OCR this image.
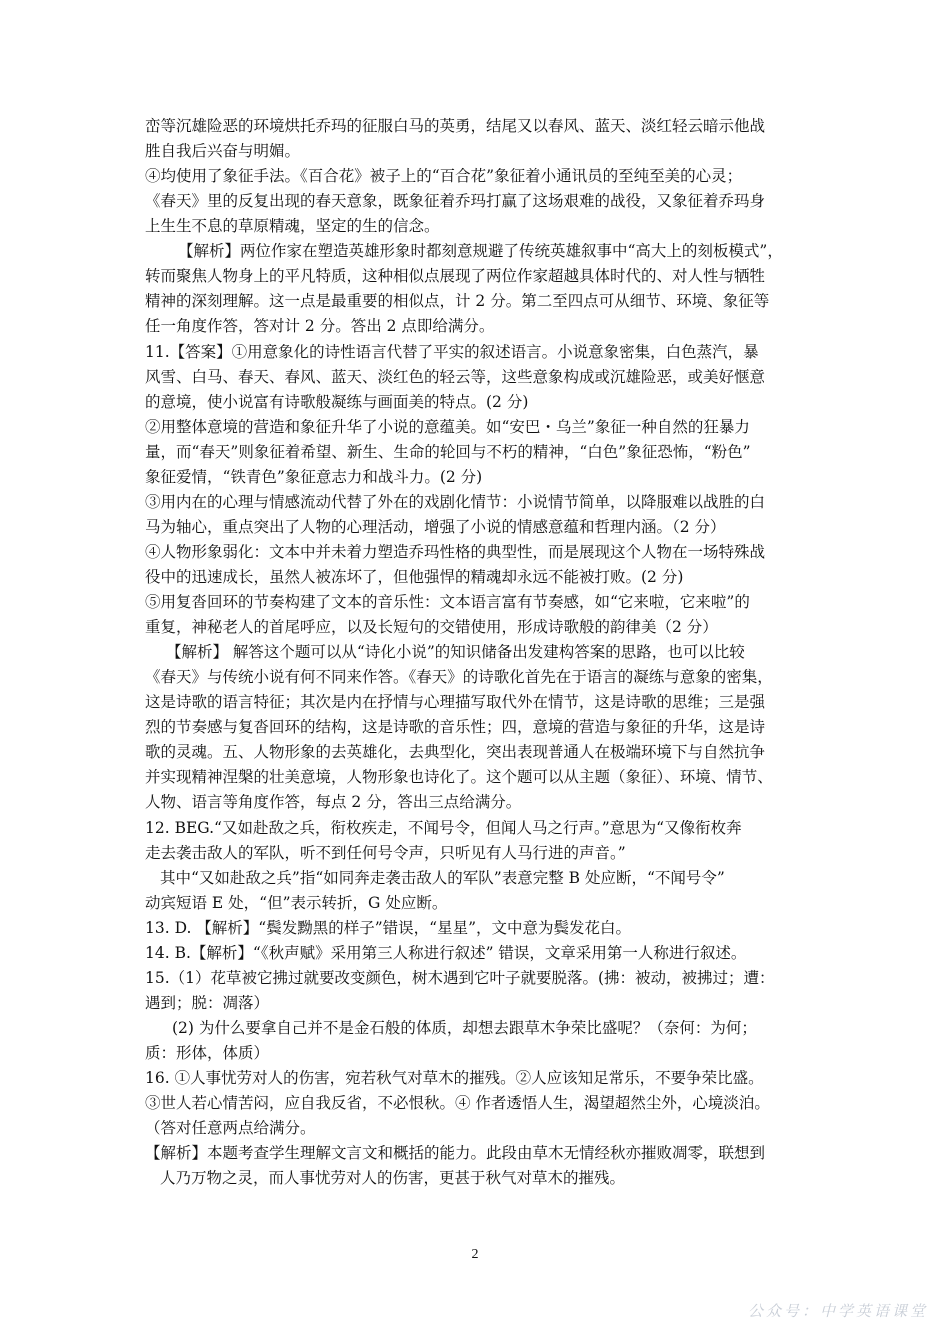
峦等沉雄险恶的环境烘托乔玛的征服白马的英勇，结尾又以春风、蓝天、淡红轻云暗示他战
胜自我后兴奋与明媚。
④均使用了象征手法。《百合花》被子上的“百合花”象征着小通讯员的至纯至美的心灵；
《春天》里的反复出现的春天意象，既象征着乔玛打赢了这场艰难的战役，又象征着乔玛身
上生生不息的草原精魂，坚定的生的信念。
【解析】两位作家在塑造英雄形象时都刻意规避了传统英雄叙事中“高大上的刻板模式”，
转而聚焦人物身上的平凡特质，这种相似点展现了两位作家超越具体时代的、对人性与牺牲
精神的深刻理解。这一点是最重要的相似点，计 2 分。第二至四点可从细节、环境、象征等
任一角度作答，答对计 2 分。答出 2 点即给满分。
11.【答案】①用意象化的诗性语言代替了平实的叙述语言。小说意象密集，白色蒸汽，暴
风雪、白马、春天、春风、蓝天、淡红色的轻云等，这些意象构成或沉雄险恶，或美好惬意
的意境，使小说富有诗歌般凝练与画面美的特点。(2 分)
②用整体意境的营造和象征升华了小说的意蕴美。如“安巴・乌兰”象征一种自然的狂暴力
量，而“春天”则象征着希望、新生、生命的轮回与不朽的精神，“白色”象征恐怖，“粉色”
象征爱情，“铁青色”象征意志力和战斗力。(2 分)
③用内在的心理与情感流动代替了外在的戏剧化情节：小说情节简单，以降服难以战胜的白
马为轴心，重点突出了人物的心理活动，增强了小说的情感意蕴和哲理内涵。（2 分）
④人物形象弱化：文本中并未着力塑造乔玛性格的典型性，而是展现这个人物在一场特殊战
役中的迅速成长，虽然人被冻坏了，但他强悍的精魂却永远不能被打败。(2 分)
⑤用复沓回环的节奏构建了文本的音乐性：文本语言富有节奏感，如“它来啦，它来啦”的
重复，神秘老人的首尾呼应，以及长短句的交错使用，形成诗歌般的韵律美（2 分）
【解析】 解答这个题可以从“诗化小说”的知识储备出发建构答案的思路，也可以比较
《春天》与传统小说有何不同来作答。《春天》的诗歌化首先在于语言的凝练与意象的密集，
这是诗歌的语言特征；其次是内在抒情与心理描写取代外在情节，这是诗歌的思维；三是强
烈的节奏感与复沓回环的结构，这是诗歌的音乐性；四，意境的营造与象征的升华，这是诗
歌的灵魂。五、人物形象的去英雄化，去典型化，突出表现普通人在极端环境下与自然抗争
并实现精神涅槃的壮美意境，人物形象也诗化了。这个题可以从主题（象征）、环境、情节、
人物、语言等角度作答，每点 2 分，答出三点给满分。
12. BEG.“又如赴敌之兵，衔枚疾走，不闻号令，但闻人马之行声。”意思为“又像衔枚奔
走去袭击敌人的军队，听不到任何号令声，只听见有人马行进的声音。”
其中“又如赴敌之兵”指“如同奔走袭击敌人的军队”表意完整 B 处应断，“不闻号令”
动宾短语 E 处，“但”表示转折，G 处应断。
13. D. 【解析】“鬓发黝黑的样子”错误，“星星”，文中意为鬓发花白。
14. B.【解析】“《秋声赋》采用第三人称进行叙述” 错误，文章采用第一人称进行叙述。
15.（1）花草被它拂过就要改变颜色，树木遇到它叶子就要脱落。(拂：被动，被拂过；遭：
遇到；脱：凋落）
(2) 为什么要拿自己并不是金石般的体质，却想去跟草木争荣比盛呢？（奈何：为何；
质：形体，体质）
16. ①人事忧劳对人的伤害，宛若秋气对草木的摧残。②人应该知足常乐，不要争荣比盛。
③世人若心情苦闷，应自我反省，不必恨秋。④ 作者透悟人生，渴望超然尘外，心境淡泊。
（答对任意两点给满分。
【解析】本题考查学生理解文言文和概括的能力。此段由草木无情经秋亦摧败凋零，联想到
人乃万物之灵，而人事忧劳对人的伤害，更甚于秋气对草木的摧残。
2
公众号：中学英语课堂
